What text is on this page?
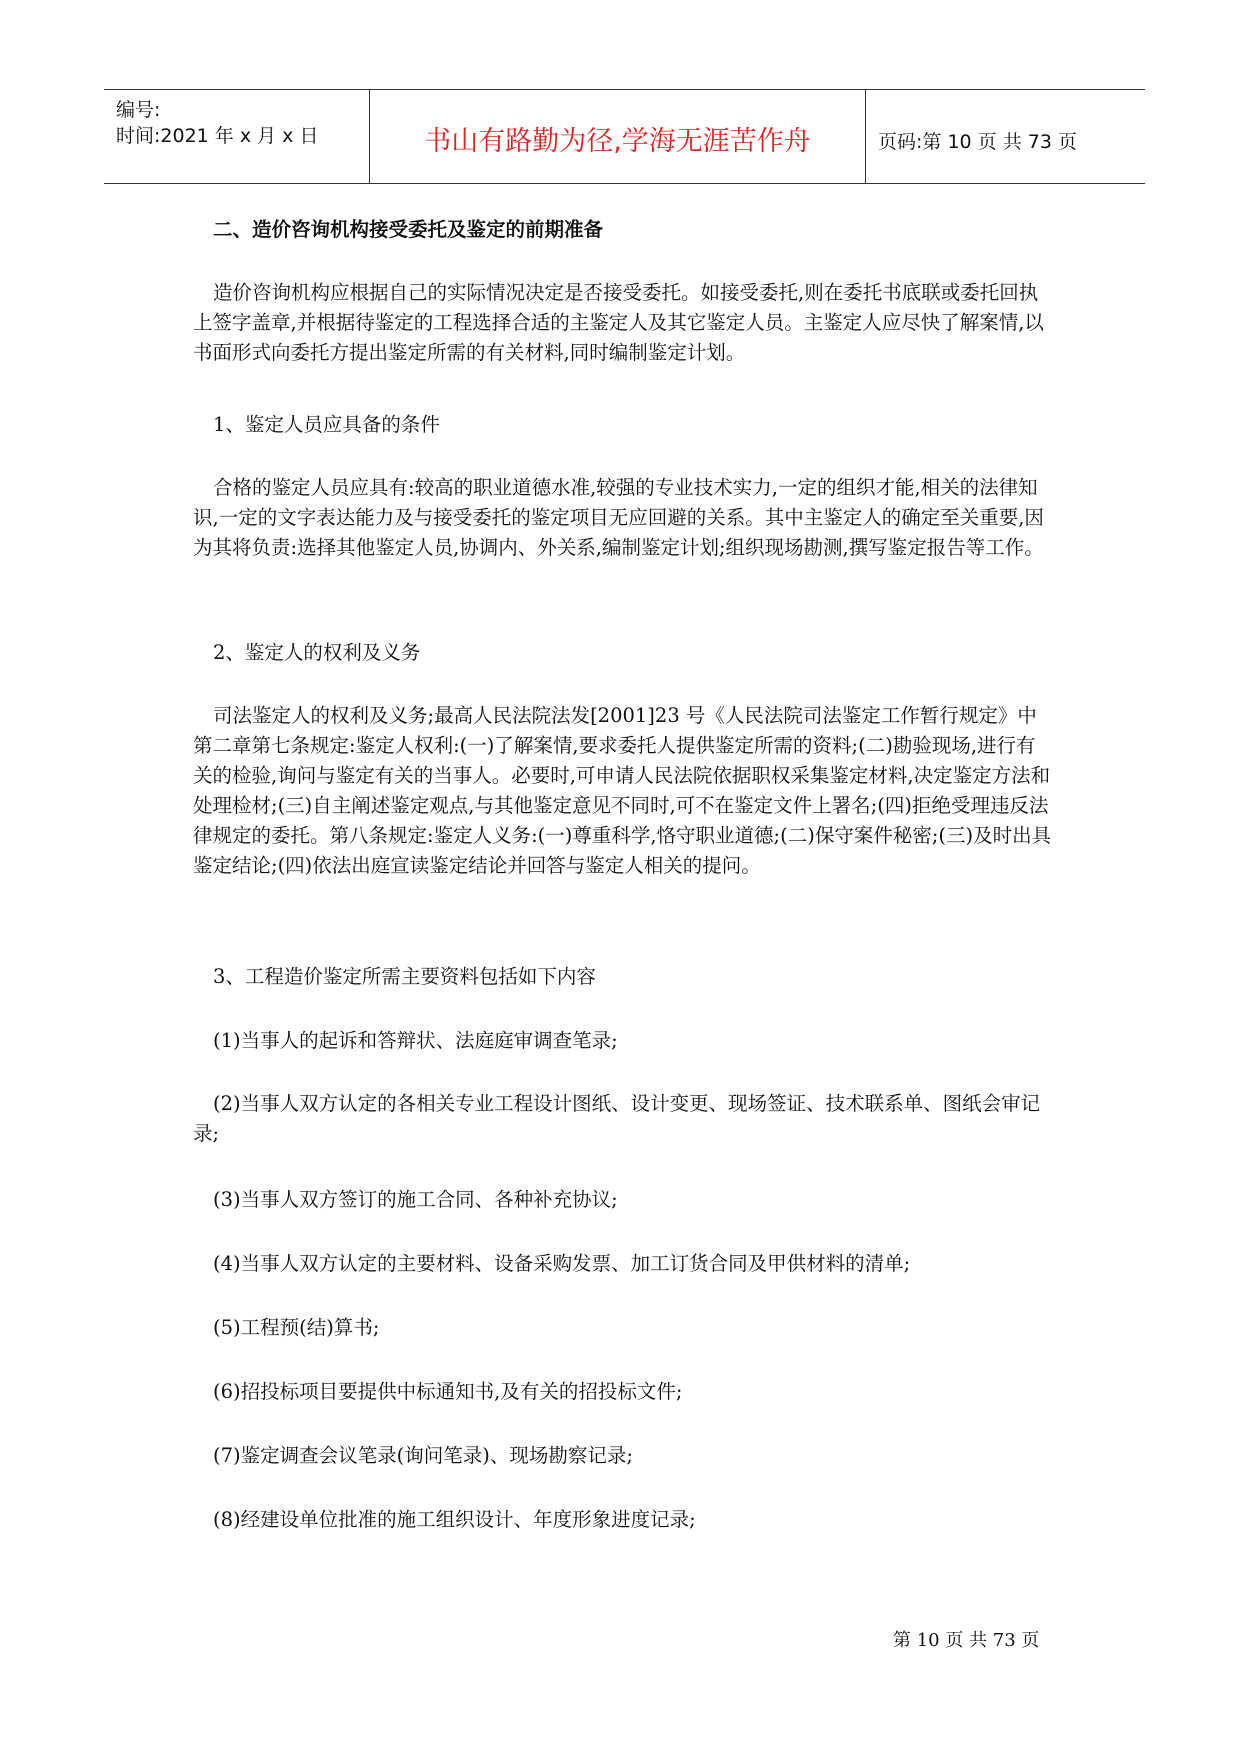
编号:
时间:2021 年 x 月 x 日	书山有路勤为径,学海无涯苦作舟	页码:第 10 页 共 73 页
二、造价咨询机构接受委托及鉴定的前期准备

造价咨询机构应根据自己的实际情况决定是否接受委托。如接受委托,则在委托书底联或委托回执上签字盖章,并根据待鉴定的工程选择合适的主鉴定人及其它鉴定人员。主鉴定人应尽快了解案情,以书面形式向委托方提出鉴定所需的有关材料,同时编制鉴定计划。

1、鉴定人员应具备的条件

合格的鉴定人员应具有:较高的职业道德水准,较强的专业技术实力,一定的组织才能,相关的法律知识,一定的文字表达能力及与接受委托的鉴定项目无应回避的关系。其中主鉴定人的确定至关重要,因为其将负责:选择其他鉴定人员,协调内、外关系,编制鉴定计划;组织现场勘测,撰写鉴定报告等工作。

2、鉴定人的权利及义务

司法鉴定人的权利及义务;最高人民法院法发[2001]23 号《人民法院司法鉴定工作暂行规定》中第二章第七条规定:鉴定人权利:(一)了解案情,要求委托人提供鉴定所需的资料;(二)勘验现场,进行有关的检验,询问与鉴定有关的当事人。必要时,可申请人民法院依据职权采集鉴定材料,决定鉴定方法和处理检材;(三)自主阐述鉴定观点,与其他鉴定意见不同时,可不在鉴定文件上署名;(四)拒绝受理违反法律规定的委托。第八条规定:鉴定人义务:(一)尊重科学,恪守职业道德;(二)保守案件秘密;(三)及时出具鉴定结论;(四)依法出庭宣读鉴定结论并回答与鉴定人相关的提问。

3、工程造价鉴定所需主要资料包括如下内容

(1)当事人的起诉和答辩状、法庭庭审调查笔录;

(2)当事人双方认定的各相关专业工程设计图纸、设计变更、现场签证、技术联系单、图纸会审记录;

(3)当事人双方签订的施工合同、各种补充协议;

(4)当事人双方认定的主要材料、设备采购发票、加工订货合同及甲供材料的清单;

(5)工程预(结)算书;

(6)招投标项目要提供中标通知书,及有关的招投标文件;

(7)鉴定调查会议笔录(询问笔录)、现场勘察记录;

(8)经建设单位批准的施工组织设计、年度形象进度记录;

第 10 页 共 73 页
